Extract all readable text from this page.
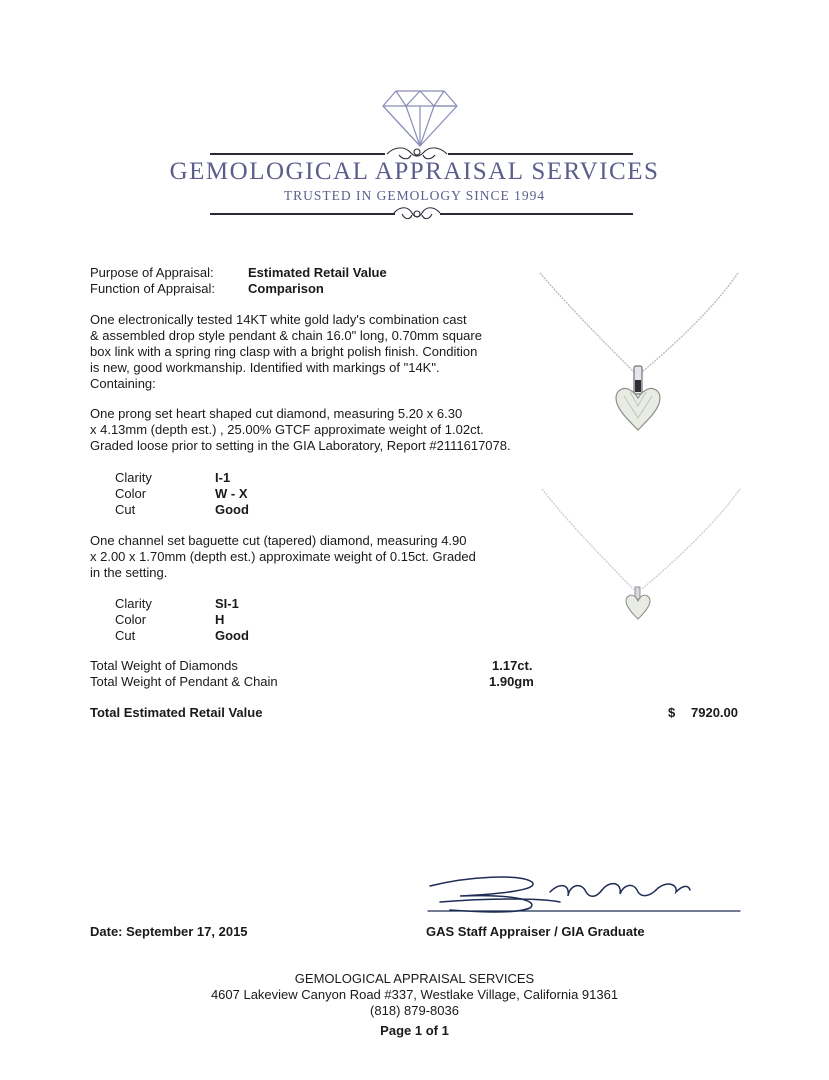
GEMOLOGICAL APPRAISAL SERVICES
TRUSTED IN GEMOLOGY SINCE 1994
Purpose of Appraisal:	Estimated Retail Value
Function of Appraisal:	Comparison
One electronically tested 14KT white gold lady's combination cast
& assembled drop style pendant & chain 16.0" long, 0.70mm square
box link with a spring ring clasp with a bright polish finish. Condition
is new, good workmanship. Identified with markings of "14K".
Containing:
One prong set heart shaped cut diamond, measuring 5.20 x 6.30
x 4.13mm (depth est.) , 25.00% GTCF approximate weight of 1.02ct.
Graded loose prior to setting in the GIA Laboratory, Report #2111617078.
Clarity	I-1
Color	W - X
Cut	Good
One channel set baguette cut (tapered) diamond, measuring 4.90
x 2.00 x 1.70mm (depth est.) approximate weight of 0.15ct. Graded
in the setting.
Clarity	SI-1
Color	H
Cut	Good
Total Weight of Diamonds	1.17ct.
Total Weight of Pendant & Chain	1.90gm
Total Estimated Retail Value	$ 7920.00
Date: September 17, 2015	GAS Staff Appraiser / GIA Graduate
GEMOLOGICAL APPRAISAL SERVICES
4607 Lakeview Canyon Road #337, Westlake Village, California 91361
(818) 879-8036
Page 1 of 1
